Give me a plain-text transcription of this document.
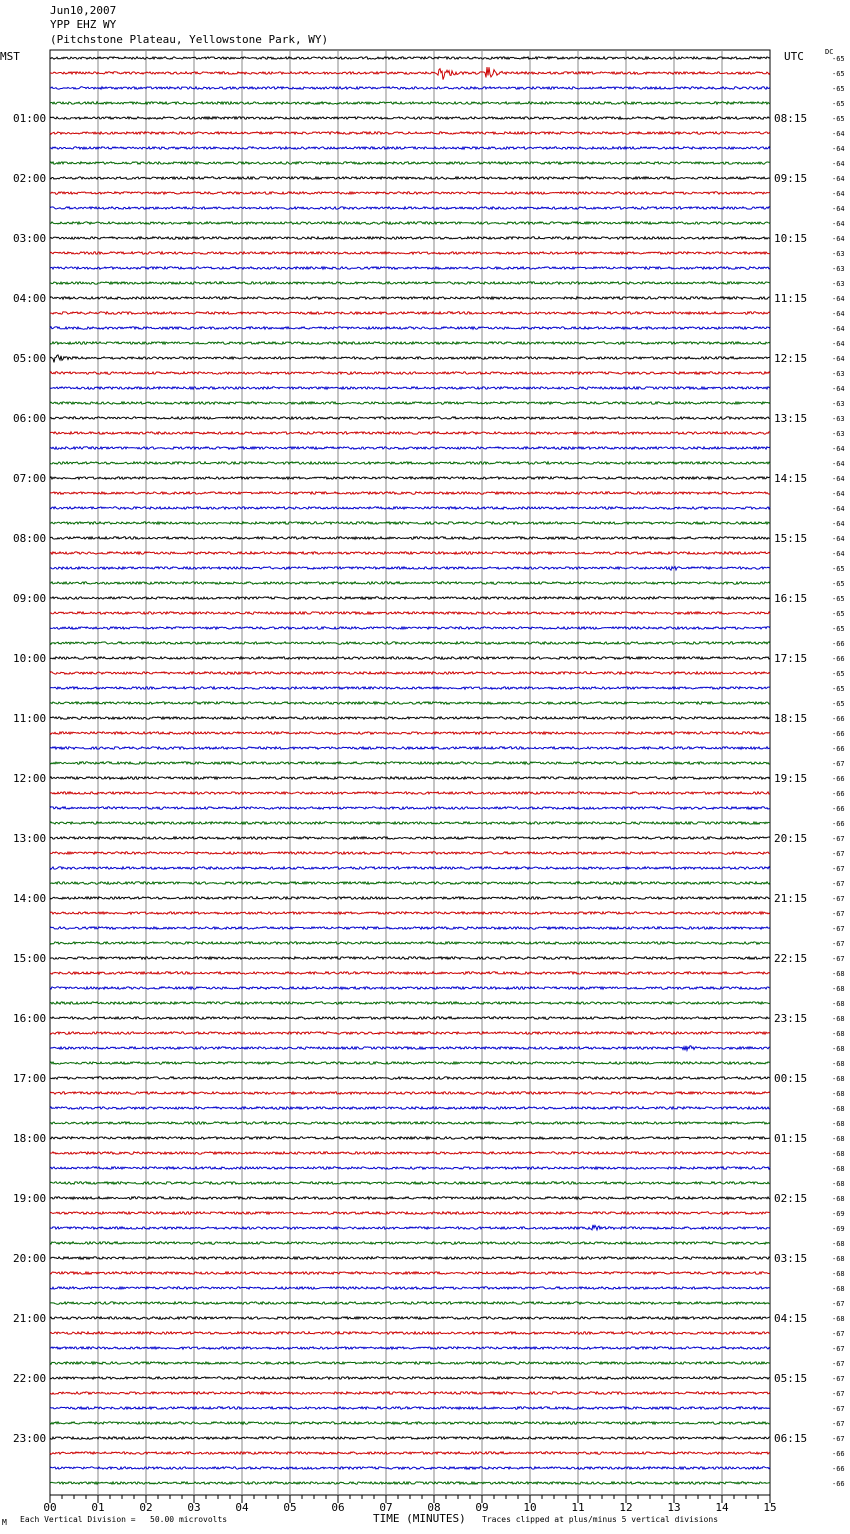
Jun10,2007
YPP EHZ WY
(Pitchstone Plateau, Yellowstone Park, WY)
MST	UTC	DC
-65
-65
-65
-65
-65
-64
-64
-64
-64
-64
-64
-64
-64
-63
-63
-63
-64
-64
-64
-64
-64
-63
-64
-63
-63
-63
-64
-64
-64
-64
-64
-64
-64
-64
-65
-65
-65
-65
-65
-66
-66
-65
-65
-65
-66
-66
-66
-67
-66
-66
-66
-66
-67
-67
-67
-67
-67
-67
-67
-67
-67
-68
-68
-68
-68
-68
-68
-68
-68
-68
-68
-68
-68
-68
-68
-68
-68
-69
-69
-68
-68
-68
-68
-67
-68
-67
-67
-67
-67
-67
-67
-67
-67
-66
-66
-66
01:00
02:00
03:00
04:00
05:00
06:00
07:00
08:00
09:00
10:00
11:00
12:00
13:00
14:00
15:00
16:00
17:00
18:00
19:00
20:00
21:00
22:00
23:00
08:15
09:15
10:15
11:15
12:15
13:15
14:15
15:15
16:15
17:15
18:15
19:15
20:15
21:15
22:15
23:15
00:15
01:15
02:15
03:15
04:15
05:15
06:15
00	01	02	03	04	05	06	07	08	09	10	11	12	13	14	15
M Each Vertical Division =   50.00 microvolts	TIME (MINUTES) Traces clipped at plus/minus 5 vertical divisions
